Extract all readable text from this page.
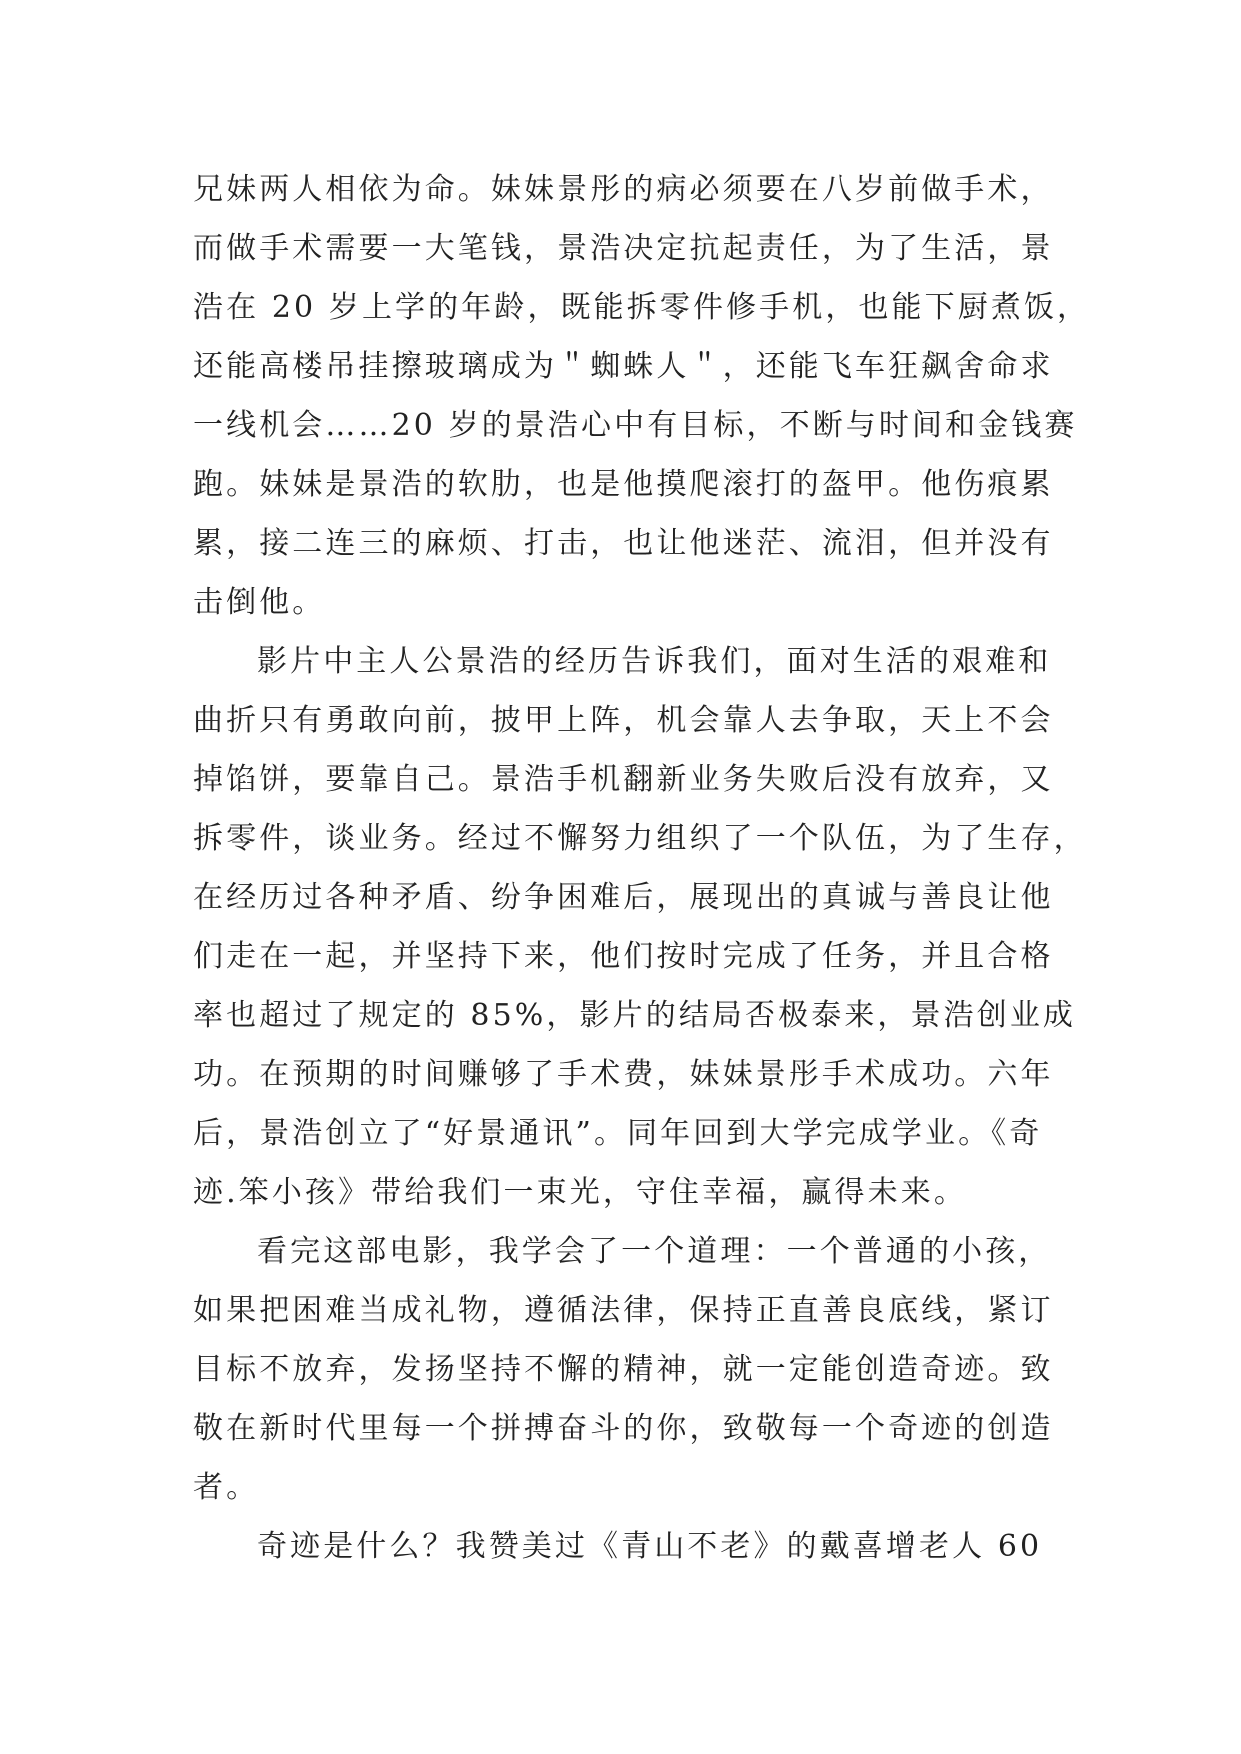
兄妹两人相依为命。妹妹景彤的病必须要在八岁前做手术，
而做手术需要一大笔钱，景浩决定抗起责任，为了生活，景
浩在 20 岁上学的年龄，既能拆零件修手机，也能下厨煮饭，
还能高楼吊挂擦玻璃成为＂蜘蛛人＂，还能飞车狂飙舍命求
一线机会……20 岁的景浩心中有目标，不断与时间和金钱赛
跑。妹妹是景浩的软肋，也是他摸爬滚打的盔甲。他伤痕累
累，接二连三的麻烦、打击，也让他迷茫、流泪，但并没有
击倒他。
影片中主人公景浩的经历告诉我们，面对生活的艰难和
曲折只有勇敢向前，披甲上阵，机会靠人去争取，天上不会
掉馅饼，要靠自己。景浩手机翻新业务失败后没有放弃，又
拆零件，谈业务。经过不懈努力组织了一个队伍，为了生存，
在经历过各种矛盾、纷争困难后，展现出的真诚与善良让他
们走在一起，并坚持下来，他们按时完成了任务，并且合格
率也超过了规定的 85%，影片的结局否极泰来，景浩创业成
功。在预期的时间赚够了手术费，妹妹景彤手术成功。六年
后，景浩创立了“好景通讯”。同年回到大学完成学业。《奇
迹.笨小孩》带给我们一束光，守住幸福，赢得未来。
看完这部电影，我学会了一个道理：一个普通的小孩，
如果把困难当成礼物，遵循法律，保持正直善良底线，紧订
目标不放弃，发扬坚持不懈的精神，就一定能创造奇迹。致
敬在新时代里每一个拼搏奋斗的你，致敬每一个奇迹的创造
者。
奇迹是什么？我赞美过《青山不老》的戴喜增老人 60
